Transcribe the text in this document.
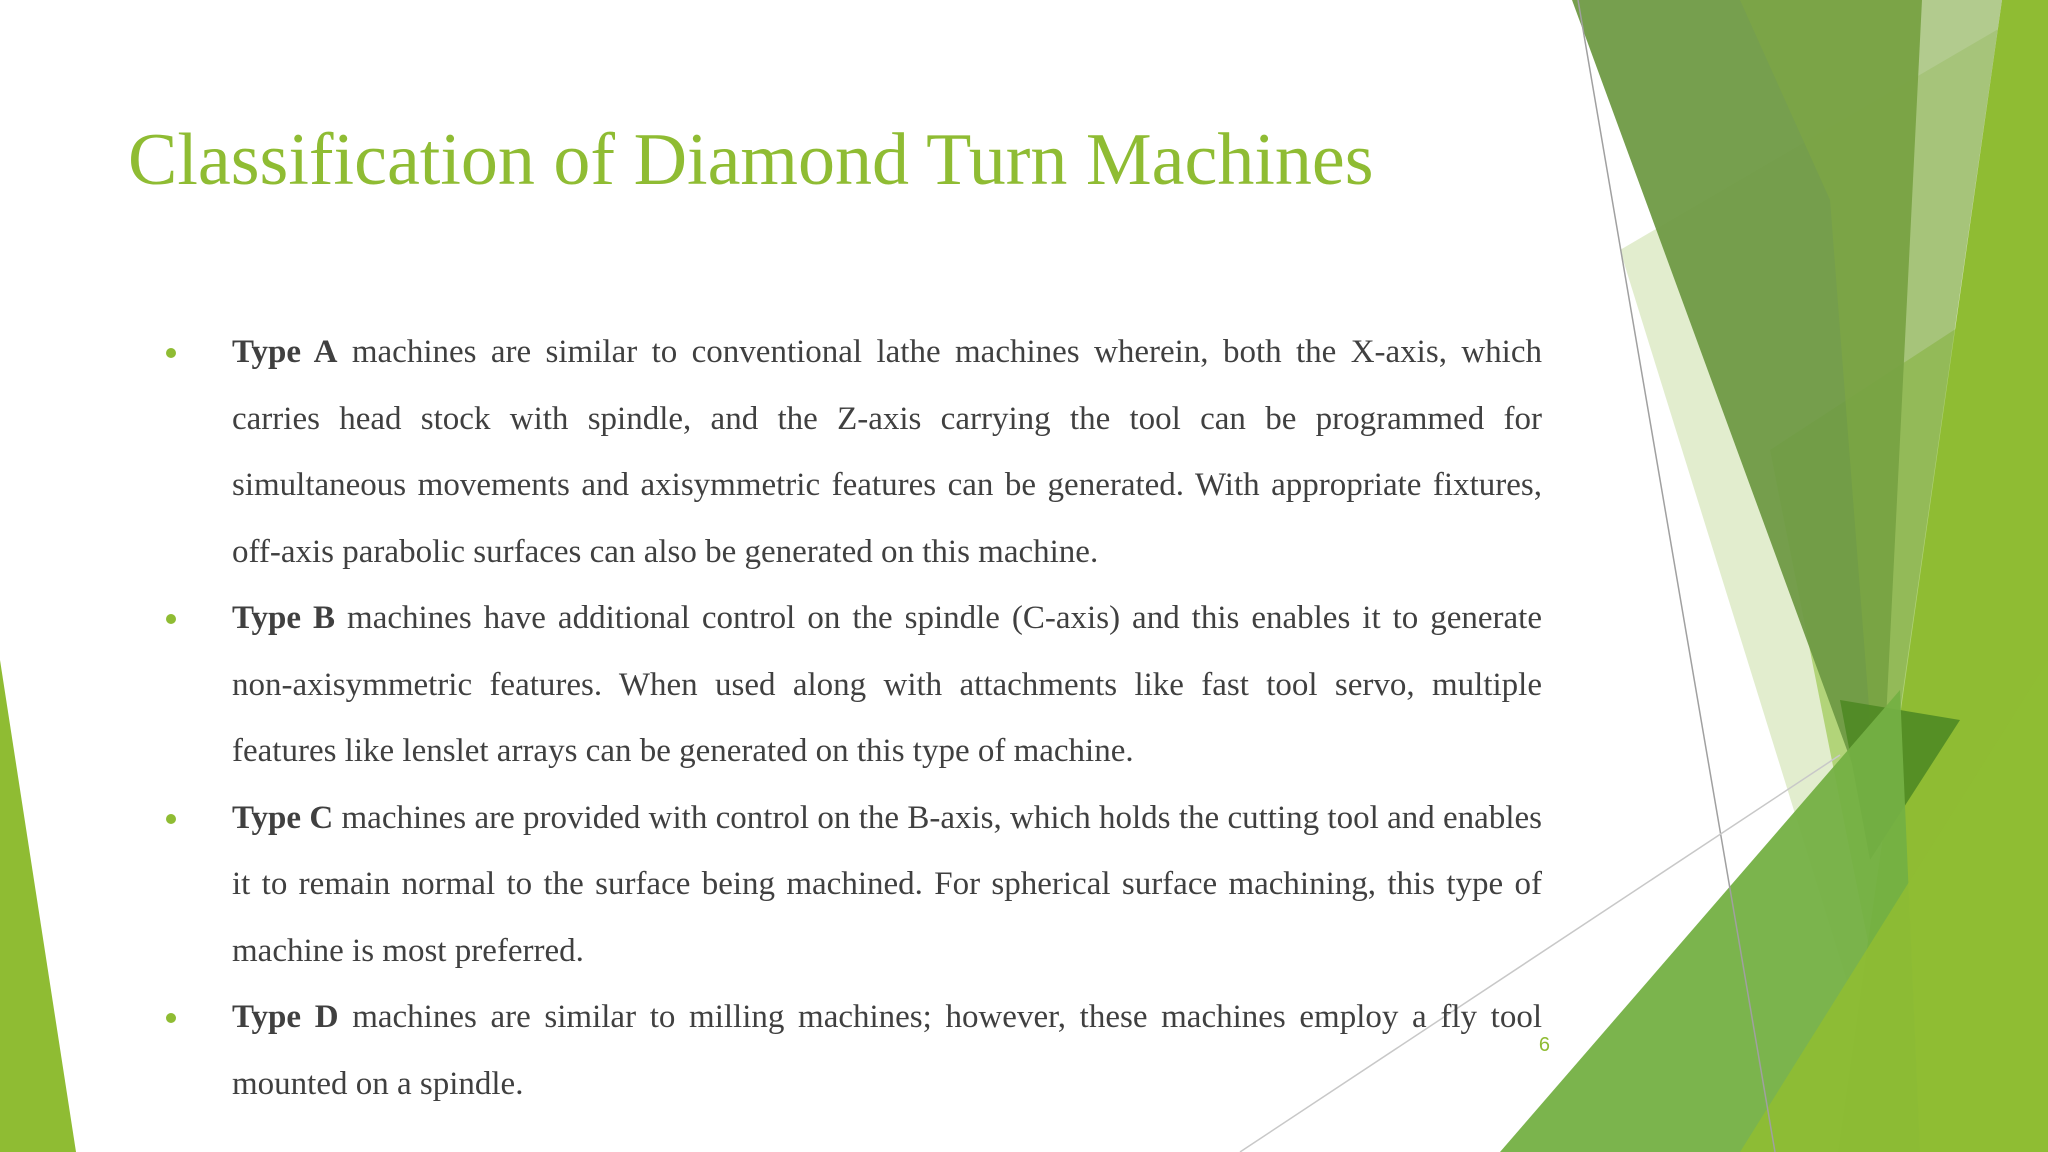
Classification of Diamond Turn Machines
Type A machines are similar to conventional lathe machines wherein, both the X-axis, which carries head stock with spindle, and the Z-axis carrying the tool can be programmed for simultaneous movements and axisymmetric features can be generated. With appropriate fixtures, off-axis parabolic surfaces can also be generated on this machine.
Type B machines have additional control on the spindle (C-axis) and this enables it to generate non-axisymmetric features. When used along with attachments like fast tool servo, multiple features like lenslet arrays can be generated on this type of machine.
Type C machines are provided with control on the B-axis, which holds the cutting tool and enables it to remain normal to the surface being machined. For spherical surface machining, this type of machine is most preferred.
Type D machines are similar to milling machines; however, these machines employ a fly tool mounted on a spindle.
6
